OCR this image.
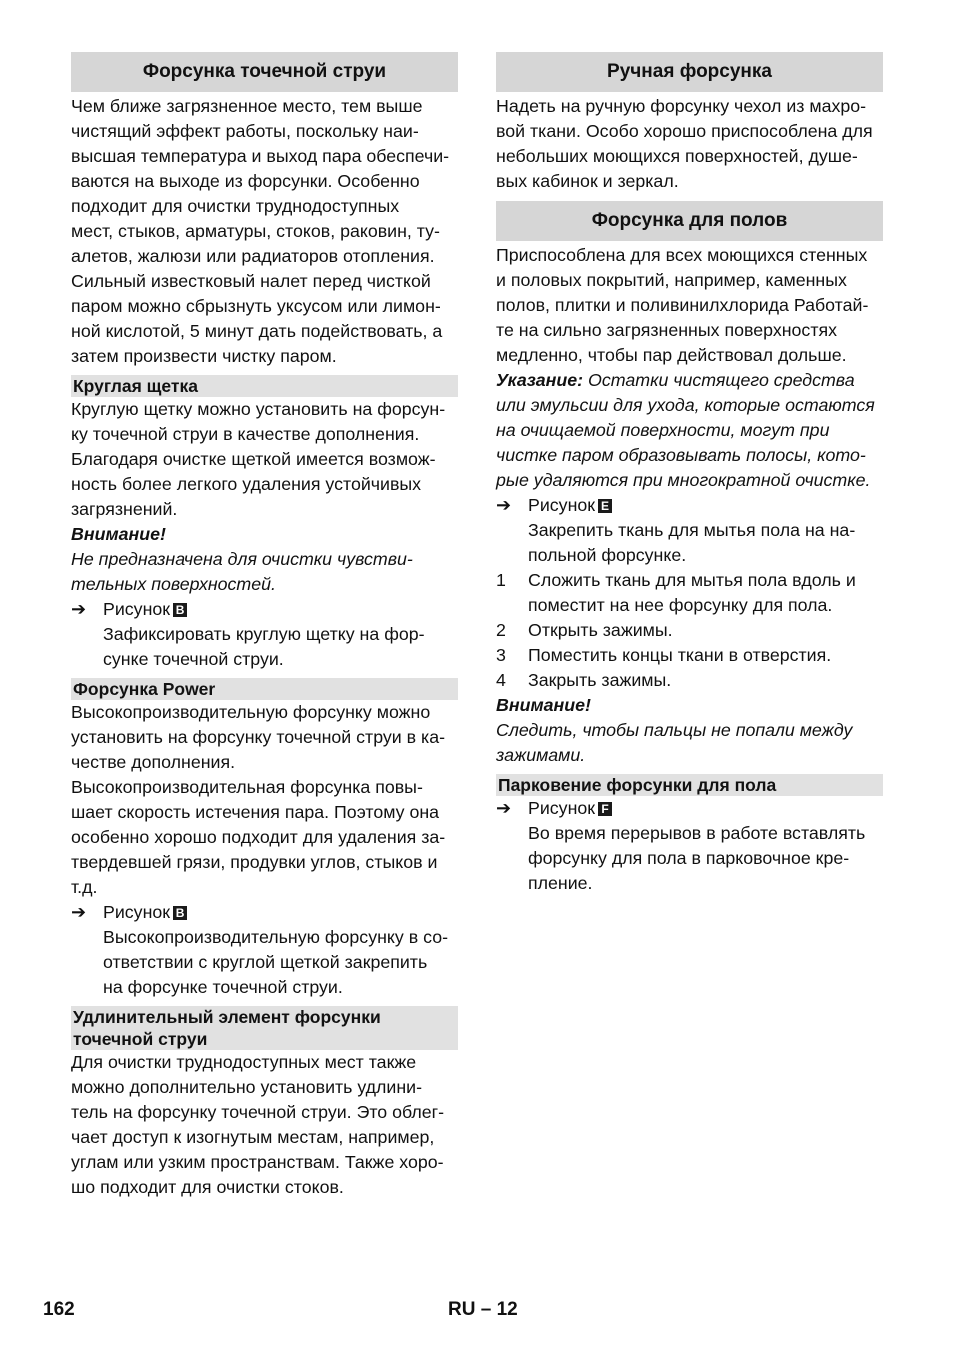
Форсунка точечной струи
Чем ближе загрязненное место, тем выше
чистящий эффект работы, поскольку наи-
высшая температура и выход пара обеспечи-
ваются на выходе из форсунки. Особенно
подходит для очистки труднодоступных
мест, стыков, арматуры, стоков, раковин, ту-
алетов, жалюзи или радиаторов отопления.
Сильный известковый налет перед чисткой
паром можно сбрызнуть уксусом или лимон-
ной кислотой, 5 минут дать подействовать, а
затем произвести чистку паром.
Круглая щетка
Круглую щетку можно установить на форсун-
ку точечной струи в качестве дополнения.
Благодаря очистке щеткой имеется возмож-
ность более легкого удаления устойчивых
загрязнений.
Внимание!
Не предназначена для очистки чувстви-
тельных поверхностей.
➔ Рисунок B
Зафиксировать круглую щетку на фор-
сунке точечной струи.
Форсунка Power
Высокопроизводительную форсунку можно
установить на форсунку точечной струи в ка-
честве дополнения.
Высокопроизводительная форсунка повы-
шает скорость истечения пара. Поэтому она
особенно хорошо подходит для удаления за-
твердевшей грязи, продувки углов, стыков и
т.д.
➔ Рисунок B
Высокопроизводительную форсунку в со-
ответствии с круглой щеткой закрепить
на форсунке точечной струи.
Удлинительный элемент форсунки
точечной струи
Для очистки труднодоступных мест также
можно дополнительно установить удлини-
тель на форсунку точечной струи. Это облег-
чает доступ к изогнутым местам, например,
углам или узким пространствам. Также хоро-
шо подходит для очистки стоков.
Ручная форсунка
Надеть на ручную форсунку чехол из махро-
вой ткани. Особо хорошо приспособлена для
небольших моющихся поверхностей, душе-
вых кабинок и зеркал.
Форсунка для полов
Приспособлена для всех моющихся стенных
и половых покрытий, например, каменных
полов, плитки и поливинилхлорида Работай-
те на сильно загрязненных поверхностях
медленно, чтобы пар действовал дольше.
Указание: Остатки чистящего средства
или эмульсии для ухода, которые остаются
на очищаемой поверхности, могут при
чистке паром образовывать полосы, кото-
рые удаляются при многократной очистке.
➔ Рисунок E
Закрепить ткань для мытья пола на на-
польной форсунке.
1	Сложить ткань для мытья пола вдоль и
поместит на нее форсунку для пола.
2	Открыть зажимы.
3	Поместить концы ткани в отверстия.
4	Закрыть зажимы.
Внимание!
Следить, чтобы пальцы не попали между
зажимами.
Парковение форсунки для пола
➔ Рисунок F
Во время перерывов в работе вставлять
форсунку для пола в парковочное кре-
пление.
162	RU – 12
